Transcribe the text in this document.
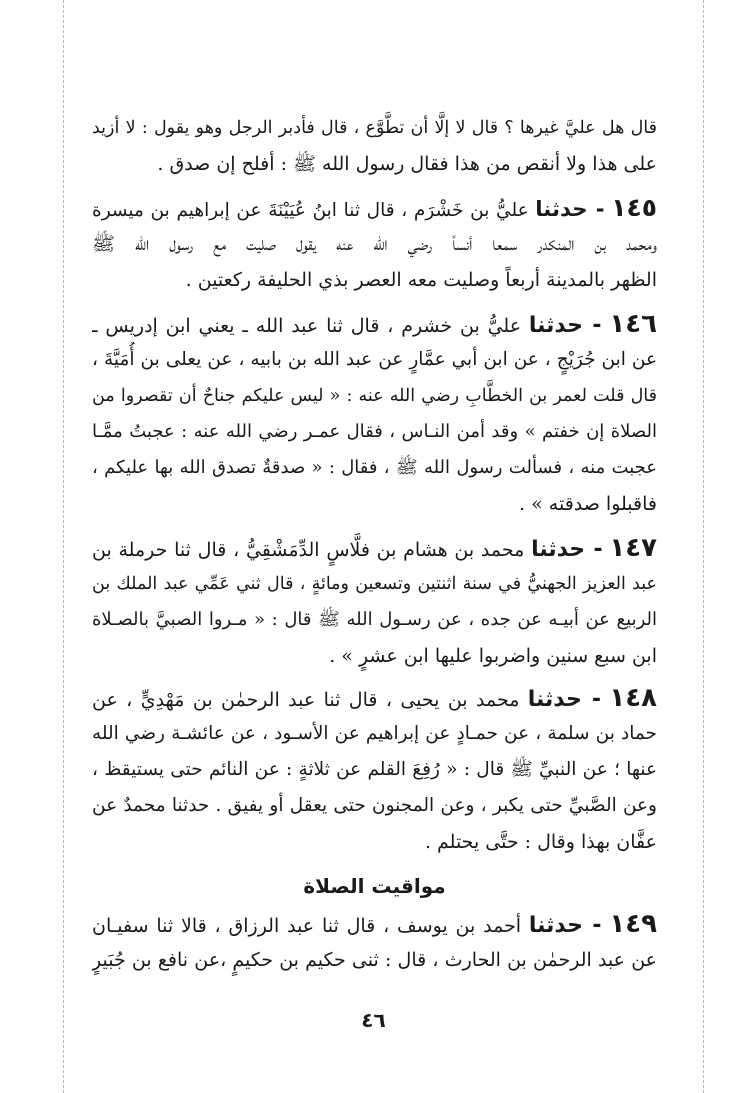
قال هل عليَّ غيرها ؟ قال لا إلَّا أن تطَّوَّع ، قال فأدبر الرجل وهو يقول : لا أزيد
على هذا ولا أنقص من هذا فقال رسول الله ﷺ : أفلح إن صدق .
١٤٥ - حدثنا عليُّ بن خَشْرَم ، قال ثنا ابنُ عُيَيْنَةَ عن إبراهيم بن ميسرة
ومحمد بن المنكدر سمعا أنساً رضي الله عنه يقول صليت مع رسول الله ﷺ
الظهر بالمدينة أربعاً وصليت معه العصر بذي الحليفة ركعتين .
١٤٦ - حدثنا عليُّ بن خشرم ، قال ثنا عبد الله ـ يعني ابن إدريس ـ
عن ابن جُرَيْجٍ ، عن ابن أبي عمَّارٍ عن عبد الله بن بابيه ، عن يعلى بن أُمَيَّةَ ،
قال قلت لعمر بن الخطَّابِ رضي الله عنه : « ليس عليكم جناحٌ أن تقصروا من
الصلاة إن خفتم » وقد أمن النـاس ، فقال عمـر رضي الله عنه : عجبتُ ممَّـا
عجبت منه ، فسألت رسول الله ﷺ ، فقال : « صدقةٌ تصدق الله بها عليكم ،
فاقبلوا صدقته » .
١٤٧ - حدثنا محمد بن هشام بن فلَّاسٍ الدِّمَشْقِيُّ ، قال ثنا حرملة بن
عبد العزيز الجهنيُّ في سنة اثنتين وتسعين ومائةٍ ، قال ثني عَمِّي عبد الملك بن
الربيع عن أبيـه عن جده ، عن رسـول الله ﷺ قال : « مـروا الصبيَّ بالصـلاة
ابن سبع سنين واضربوا عليها ابن عشرٍ » .
١٤٨ - حدثنا محمد بن يحيى ، قال ثنا عبد الرحمٰن بن مَهْدِيٍّ ، عن
حماد بن سلمة ، عن حمـادٍ عن إبراهيم عن الأسـود ، عن عائشـة رضي الله
عنها ؛ عن النبيِّ ﷺ قال : « رُفِعَ القلم عن ثلاثةٍ : عن النائم حتى يستيقظ ،
وعن الصَّبيِّ حتى يكبر ، وعن المجنون حتى يعقل أو يفيق . حدثنا محمدٌ عن
عفَّان بهذا وقال : حتَّى يحتلم .
مواقيت الصلاة
١٤٩ - حدثنا أحمد بن يوسف ، قال ثنا عبد الرزاق ، قالا ثنا سفيـان
عن عبد الرحمٰن بن الحارث ، قال : ثنى حكيم بن حكيمٍ ،عن نافع بن جُبَيرٍ
٤٦
